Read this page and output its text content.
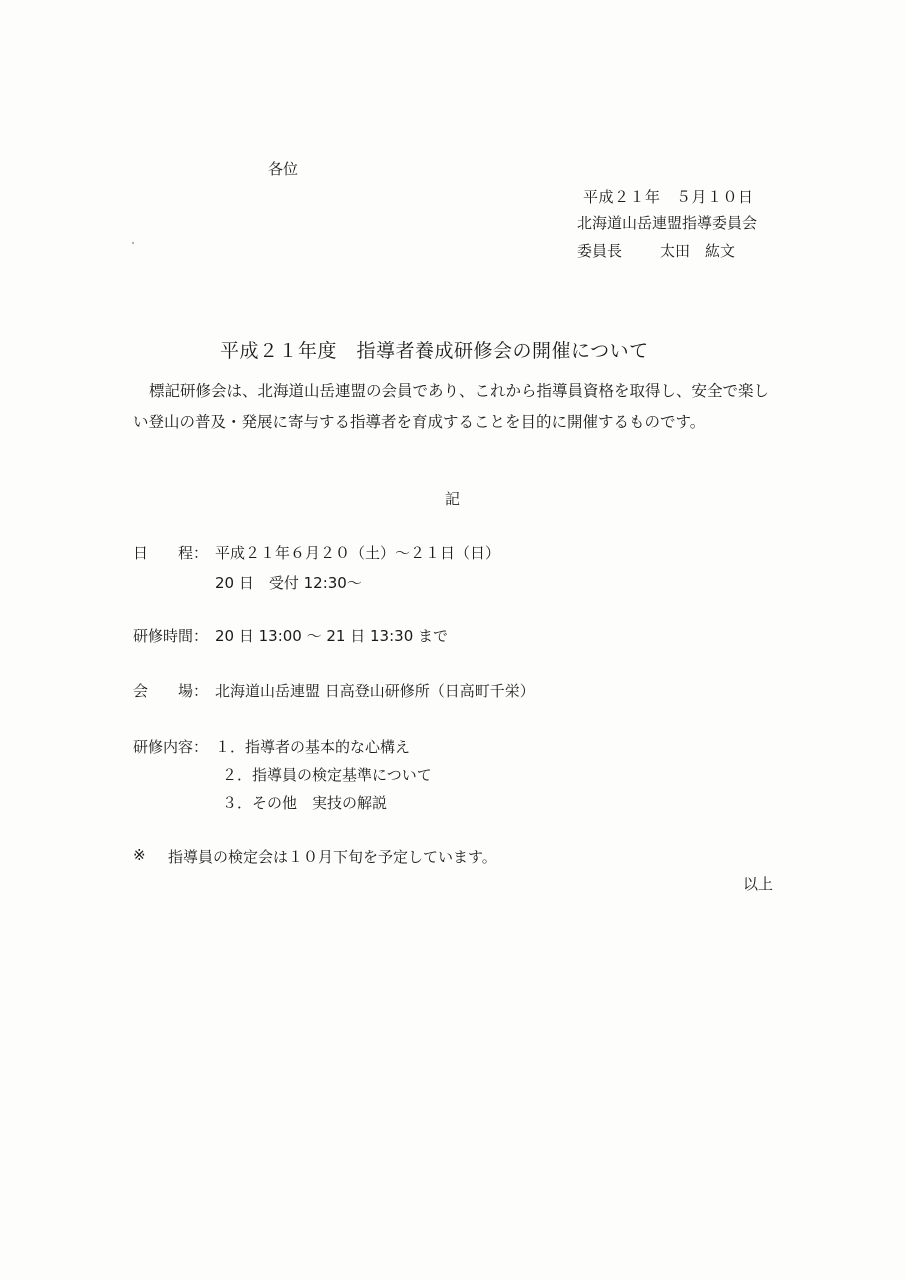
各位
平成２１年　５月１０日
北海道山岳連盟指導委員会
委員長	太田　紘文
平成２１年度　指導者養成研修会の開催について
標記研修会は、北海道山岳連盟の会員であり、これから指導員資格を取得し、安全で楽しい登山の普及・発展に寄与する指導者を育成することを目的に開催するものです。
記
日　　程： 平成２１年６月２０（土）～２１日（日）
20 日　受付 12:30～
研修時間： 20 日 13:00 ～ 21 日 13:30 まで
会　　場： 北海道山岳連盟 日高登山研修所（日高町千栄）
研修内容： １．指導者の基本的な心構え
２．指導員の検定基準について
３．その他　実技の解説
※ 指導員の検定会は１０月下旬を予定しています。
以上
